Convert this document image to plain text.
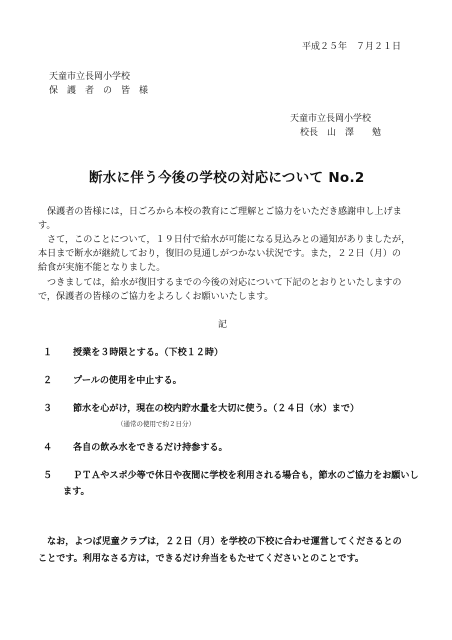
平成２５年　７月２１日
天童市立長岡小学校
保　護　者　の　皆　様
天童市立長岡小学校
校長　山　澤　　勉
断水に伴う今後の学校の対応について No.2
保護者の皆様には，日ごろから本校の教育にご理解とご協力をいただき感謝申し上げま
す。
さて，このことについて，１９日付で給水が可能になる見込みとの通知がありましたが，
本日まで断水が継続しており，復旧の見通しがつかない状況です。また，２２日（月）の
給食が実施不能となりました。
つきましては，給水が復旧するまでの今後の対応について下記のとおりといたしますの
で，保護者の皆様のご協力をよろしくお願いいたします。
記
１ 授業を３時限とする。（下校１２時）
２ プールの使用を中止する。
３ 節水を心がけ，現在の校内貯水量を大切に使う。（２４日（水）まで）
（通常の使用で約２日分）
４ 各自の飲み水をできるだけ持参する。
５ ＰＴＡやスポ少等で休日や夜間に学校を利用される場合も，節水のご協力をお願いし
ます。
なお，よつば児童クラブは，２２日（月）を学校の下校に合わせ運営してくださるとの
ことです。利用なさる方は，できるだけ弁当をもたせてくださいとのことです。
